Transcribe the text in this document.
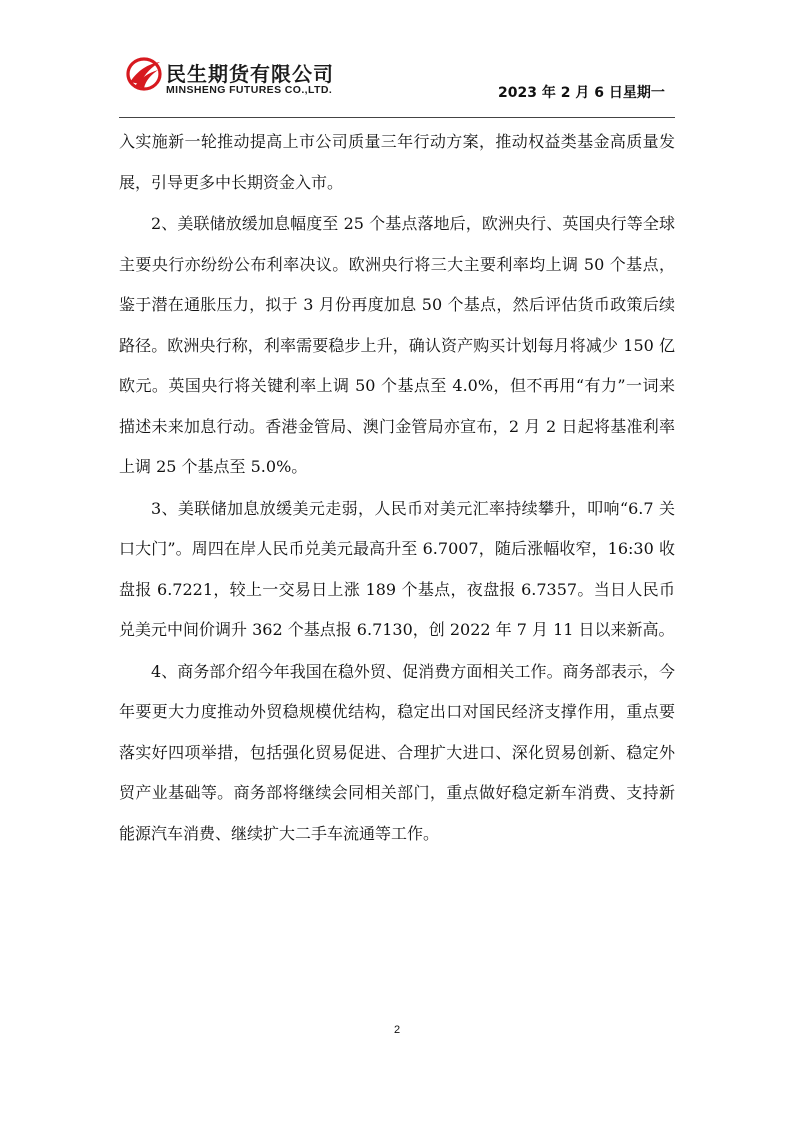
民生期货有限公司
MINSHENG FUTURES CO.,LTD.	2023 年 2 月 6 日星期一

入实施新一轮推动提高上市公司质量三年行动方案，推动权益类基金高质量发展，引导更多中长期资金入市。

2、美联储放缓加息幅度至 25 个基点落地后，欧洲央行、英国央行等全球主要央行亦纷纷公布利率决议。欧洲央行将三大主要利率均上调 50 个基点，鉴于潜在通胀压力，拟于 3 月份再度加息 50 个基点，然后评估货币政策后续路径。欧洲央行称，利率需要稳步上升，确认资产购买计划每月将减少 150 亿欧元。英国央行将关键利率上调 50 个基点至 4.0%，但不再用“有力”一词来描述未来加息行动。香港金管局、澳门金管局亦宣布，2 月 2 日起将基准利率上调 25 个基点至 5.0%。

3、美联储加息放缓美元走弱，人民币对美元汇率持续攀升，叩响“6.7 关口大门”。周四在岸人民币兑美元最高升至 6.7007，随后涨幅收窄，16:30 收盘报 6.7221，较上一交易日上涨 189 个基点，夜盘报 6.7357。当日人民币兑美元中间价调升 362 个基点报 6.7130，创 2022 年 7 月 11 日以来新高。

4、商务部介绍今年我国在稳外贸、促消费方面相关工作。商务部表示，今年要更大力度推动外贸稳规模优结构，稳定出口对国民经济支撑作用，重点要落实好四项举措，包括强化贸易促进、合理扩大进口、深化贸易创新、稳定外贸产业基础等。商务部将继续会同相关部门，重点做好稳定新车消费、支持新能源汽车消费、继续扩大二手车流通等工作。

2
